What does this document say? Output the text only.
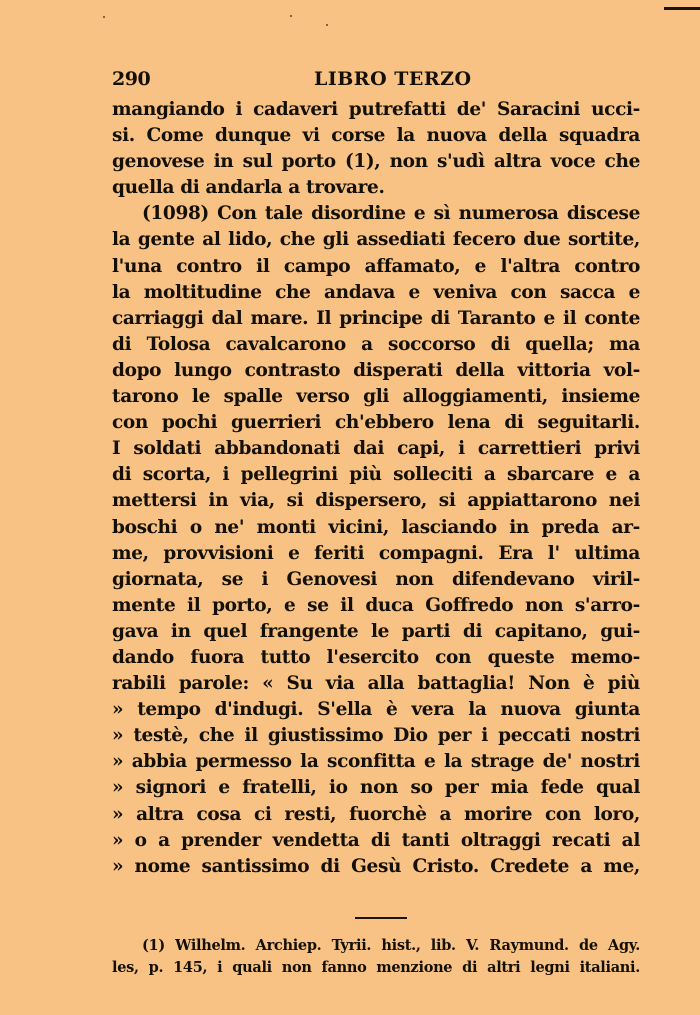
290	LIBRO TERZO
mangiando i cadaveri putrefatti de' Saracini ucci-
si. Come dunque vi corse la nuova della squadra
genovese in sul porto (1), non s'udì altra voce che
quella di andarla a trovare.
(1098) Con tale disordine e sì numerosa discese
la gente al lido, che gli assediati fecero due sortite,
l'una contro il campo affamato, e l'altra contro
la moltitudine che andava e veniva con sacca e
carriaggi dal mare. Il principe di Taranto e il conte
di Tolosa cavalcarono a soccorso di quella; ma
dopo lungo contrasto disperati della vittoria vol-
tarono le spalle verso gli alloggiamenti, insieme
con pochi guerrieri ch'ebbero lena di seguitarli.
I soldati abbandonati dai capi, i carrettieri privi
di scorta, i pellegrini più solleciti a sbarcare e a
mettersi in via, si dispersero, si appiattarono nei
boschi o ne' monti vicini, lasciando in preda ar-
me, provvisioni e feriti compagni. Era l' ultima
giornata, se i Genovesi non difendevano viril-
mente il porto, e se il duca Goffredo non s'arro-
gava in quel frangente le parti di capitano, gui-
dando fuora tutto l'esercito con queste memo-
rabili parole: « Su via alla battaglia! Non è più
» tempo d'indugi. S'ella è vera la nuova giunta
» testè, che il giustissimo Dio per i peccati nostri
» abbia permesso la sconfitta e la strage de' nostri
» signori e fratelli, io non so per mia fede qual
» altra cosa ci resti, fuorchè a morire con loro,
» o a prender vendetta di tanti oltraggi recati al
» nome santissimo di Gesù Cristo. Credete a me,
(1) Wilhelm. Archiep. Tyrii. hist., lib. V. Raymund. de Agy.
les, p. 145, i quali non fanno menzione di altri legni italiani.
